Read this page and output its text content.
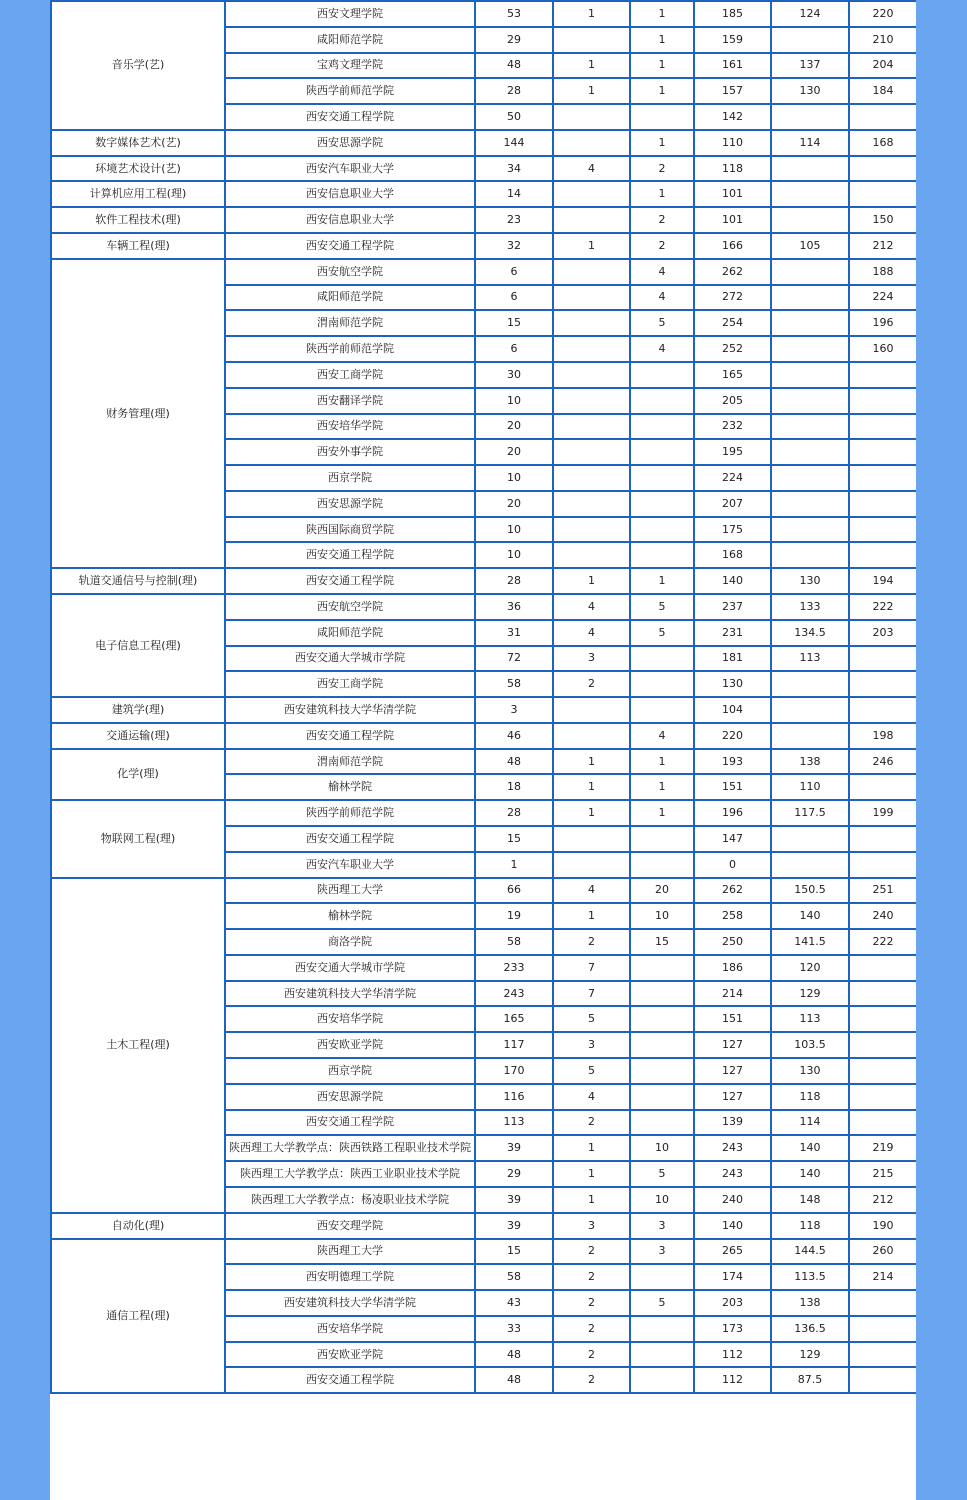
音乐学(艺)	西安文理学院	53	1	1	185	124	220
	咸阳师范学院	29		1	159		210
	宝鸡文理学院	48	1	1	161	137	204
	陕西学前师范学院	28	1	1	157	130	184
	西安交通工程学院	50			142		
数字媒体艺术(艺)	西安思源学院	144		1	110	114	168
环境艺术设计(艺)	西安汽车职业大学	34	4	2	118		
计算机应用工程(理)	西安信息职业大学	14		1	101		
软件工程技术(理)	西安信息职业大学	23		2	101		150
车辆工程(理)	西安交通工程学院	32	1	2	166	105	212
财务管理(理)	西安航空学院	6		4	262		188
	咸阳师范学院	6		4	272		224
	渭南师范学院	15		5	254		196
	陕西学前师范学院	6		4	252		160
	西安工商学院	30			165		
	西安翻译学院	10			205		
	西安培华学院	20			232		
	西安外事学院	20			195		
	西京学院	10			224		
	西安思源学院	20			207		
	陕西国际商贸学院	10			175		
	西安交通工程学院	10			168		
轨道交通信号与控制(理)	西安交通工程学院	28	1	1	140	130	194
电子信息工程(理)	西安航空学院	36	4	5	237	133	222
	咸阳师范学院	31	4	5	231	134.5	203
	西安交通大学城市学院	72	3		181	113	
	西安工商学院	58	2		130		
建筑学(理)	西安建筑科技大学华清学院	3			104		
交通运输(理)	西安交通工程学院	46		4	220		198
化学(理)	渭南师范学院	48	1	1	193	138	246
	榆林学院	18	1	1	151	110	
物联网工程(理)	陕西学前师范学院	28	1	1	196	117.5	199
	西安交通工程学院	15			147		
	西安汽车职业大学	1			0		
土木工程(理)	陕西理工大学	66	4	20	262	150.5	251
	榆林学院	19	1	10	258	140	240
	商洛学院	58	2	15	250	141.5	222
	西安交通大学城市学院	233	7		186	120	
	西安建筑科技大学华清学院	243	7		214	129	
	西安培华学院	165	5		151	113	
	西安欧亚学院	117	3		127	103.5	
	西京学院	170	5		127	130	
	西安思源学院	116	4		127	118	
	西安交通工程学院	113	2		139	114	
	陕西理工大学教学点：陕西铁路工程职业技术学院	39	1	10	243	140	219
	陕西理工大学教学点：陕西工业职业技术学院	29	1	5	243	140	215
	陕西理工大学教学点：杨凌职业技术学院	39	1	10	240	148	212
自动化(理)	西安交理学院	39	3	3	140	118	190
通信工程(理)	陕西理工大学	15	2	3	265	144.5	260
	西安明德理工学院	58	2		174	113.5	214
	西安建筑科技大学华清学院	43	2	5	203	138	
	西安培华学院	33	2		173	136.5	
	西安欧亚学院	48	2		112	129	
	西安交通工程学院	48	2		112	87.5	
